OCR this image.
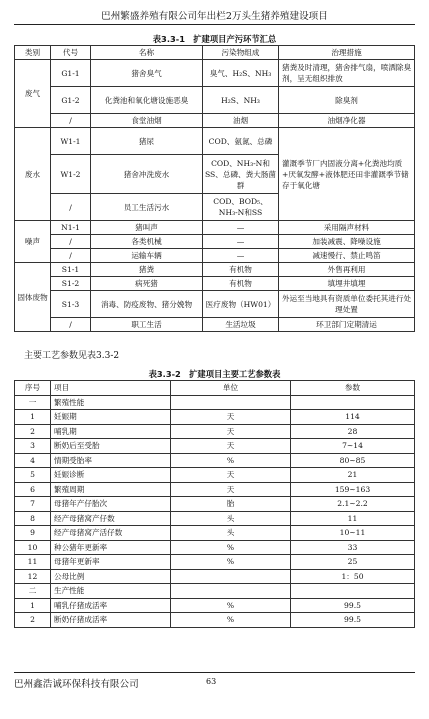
巴州繁盛养殖有限公司年出栏2万头生猪养殖建设项目
表3.3-1　扩建项目产污环节汇总
类别	代号	名称	污染物组成	治理措施
废气	G1-1	猪舍臭气	臭气、H₂S、NH₃	猪粪及时清理，猪舍排气扇，喷洒除臭剂，呈无组织排放
	G1-2	化粪池和氧化塘设施恶臭	H₂S、NH₃	除臭剂
	/	食堂油烟	油烟	油烟净化器
废水	W1-1	猪尿	COD、氨氮、总磷	灌溉季节厂内固液分离+化粪池均质+厌氧发酵+液体肥还田非灌溉季节储存于氧化塘
	W1-2	猪舍冲洗废水	COD、NH₃-N和SS、总磷、粪大肠菌群	
	/	员工生活污水	COD、BOD₅、NH₃-N和SS	
噪声	N1-1	猪叫声	—	采用隔声材料
	/	各类机械	—	加装减震、降噪设施
	/	运输车辆	—	减速慢行、禁止鸣笛
固体废物	S1-1	猪粪	有机物	外售再利用
	S1-2	病死猪	有机物	填埋井填埋
	S1-3	消毒、防疫废物、猪分娩物	医疗废物（HW01）	外运至当地具有资质单位委托其进行处理处置
	/	职工生活	生活垃圾	环卫部门定期清运
主要工艺参数见表3.3-2
表3.3-2　扩建项目主要工艺参数表
序号	项目	单位	参数
一	繁殖性能		
1	妊娠期	天	114
2	哺乳期	天	28
3	断奶后至受胎	天	7~14
4	情期受胎率	%	80~85
5	妊娠诊断	天	21
6	繁殖周期	天	159~163
7	母猪年产仔胎次	胎	2.1~2.2
8	经产母猪窝产仔数	头	11
9	经产母猪窝产活仔数	头	10~11
10	种公猪年更新率	%	33
11	母猪年更新率	%	25
12	公母比例		1：50
二	生产性能		
1	哺乳仔猪成活率	%	99.5
2	断奶仔猪成活率	%	99.5
巴州鑫浩诚环保科技有限公司	63
